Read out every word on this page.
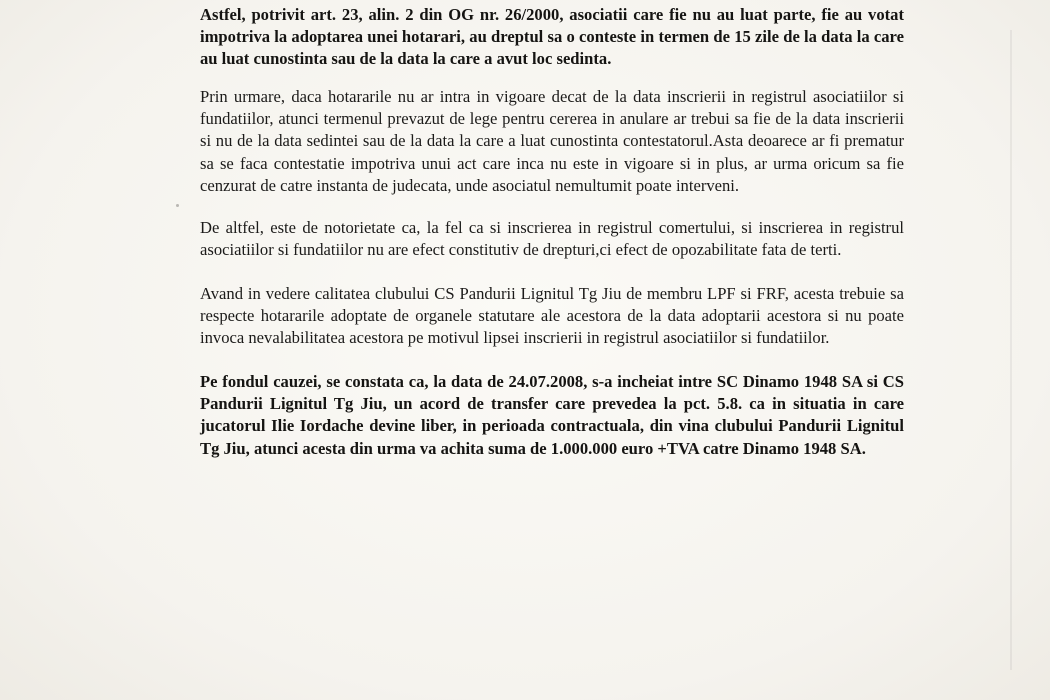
Astfel, potrivit art. 23, alin. 2 din OG nr. 26/2000, asociatii care fie nu au luat parte, fie au votat impotriva la adoptarea unei hotarari, au dreptul sa o conteste in termen de 15 zile de la data la care au luat cunostinta sau de la data la care a avut loc sedinta.

Prin urmare, daca hotararile nu ar intra in vigoare decat de la data inscrierii in registrul asociatiilor si fundatiilor, atunci termenul prevazut de lege pentru cererea in anulare ar trebui sa fie de la data inscrierii si nu de la data sedintei sau de la data la care a luat cunostinta contestatorul.Asta deoarece ar fi prematur sa se faca contestatie impotriva unui act care inca nu este in vigoare si in plus, ar urma oricum sa fie cenzurat de catre instanta de judecata, unde asociatul nemultumit poate interveni.

De altfel, este de notorietate ca, la fel ca si inscrierea in registrul comertului, si inscrierea in registrul asociatiilor si fundatiilor nu are efect constitutiv de drepturi,ci efect de opozabilitate fata de terti.

Avand in vedere calitatea clubului CS Pandurii Lignitul Tg Jiu de membru LPF si FRF, acesta trebuie sa respecte hotararile adoptate de organele statutare ale acestora de la data adoptarii acestora si nu poate invoca nevalabilitatea acestora pe motivul lipsei inscrierii in registrul asociatiilor si fundatiilor.

Pe fondul cauzei, se constata ca, la data de 24.07.2008, s-a incheiat intre SC Dinamo 1948 SA si CS Pandurii Lignitul Tg Jiu, un acord de transfer care prevedea la pct. 5.8. ca in situatia in care jucatorul Ilie Iordache devine liber, in perioada contractuala, din vina clubului Pandurii Lignitul Tg Jiu, atunci acesta din urma va achita suma de 1.000.000 euro +TVA catre Dinamo 1948 SA.
